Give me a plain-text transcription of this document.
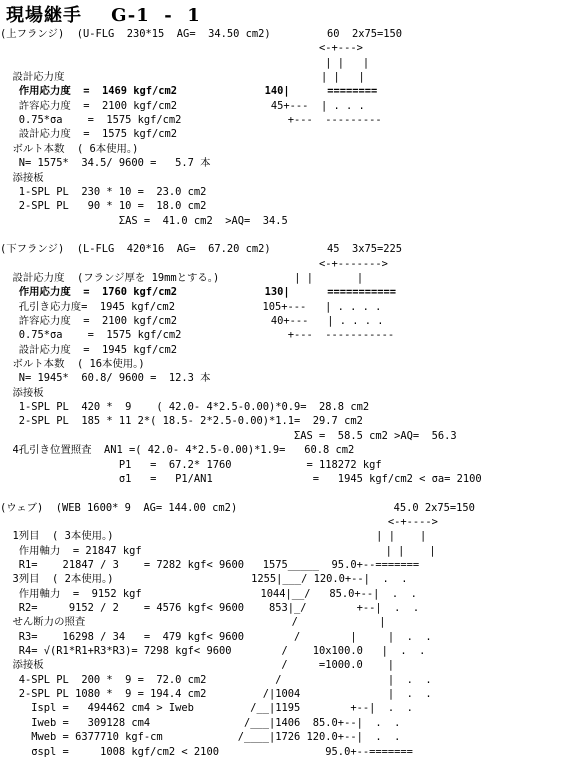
現場継手    G-1  -  1
(上フランジ)  (U-FLG  230*15  AG=  34.50 cm2)         60  2x75=150
<-+--->
| |   |
設計応力度                                         | |   |
作用応力度  =  1469 kgf/cm2              140|      ========
許容応力度  =  2100 kgf/cm2               45+---  | . . .
0.75*σa    =  1575 kgf/cm2                 +---  ---------
設計応力度  =  1575 kgf/cm2
ボルト本数  ( 6本使用。)
N= 1575*  34.5/ 9600 =   5.7 本
添接板
1-SPL PL  230 * 10 =  23.0 cm2
2-SPL PL   90 * 10 =  18.0 cm2
ΣAS =  41.0 cm2  >AQ=  34.5
(下フランジ)  (L-FLG  420*16  AG=  67.20 cm2)         45  3x75=225
<-+------->
設計応力度  (フランジ厚を 19mmとする。)            | |       |
作用応力度  =  1760 kgf/cm2              130|      ===========
孔引き応力度=  1945 kgf/cm2              105+---   | . . . .
許容応力度  =  2100 kgf/cm2               40+---   | . . . .
0.75*σa    =  1575 kgf/cm2                 +---  -----------
設計応力度  =  1945 kgf/cm2
ボルト本数  ( 16本使用。)
N= 1945*  60.8/ 9600 =  12.3 本
添接板
1-SPL PL  420 *  9    ( 42.0- 4*2.5-0.00)*0.9=  28.8 cm2
2-SPL PL  185 * 11 2*( 18.5- 2*2.5-0.00)*1.1=  29.7 cm2
ΣAS =  58.5 cm2 >AQ=  56.3
4孔引き位置照査  AN1 =( 42.0- 4*2.5-0.00)*1.9=   60.8 cm2
P1   =  67.2* 1760            = 118272 kgf
σ1   =   P1/AN1                =   1945 kgf/cm2 < σa= 2100
(ウェブ)  (WEB 1600* 9  AG= 144.00 cm2)                         45.0 2x75=150
<-+---->
1列目  ( 3本使用。)                                          | |    |
作用軸力  = 21847 kgf                                       | |    |
R1=    21847 / 3    = 7282 kgf< 9600   1575_____  95.0+--=======
3列目  ( 2本使用。)                      1255|___/ 120.0+--|  .  .
作用軸力  =  9152 kgf                   1044|__/   85.0+--|  .  .
R2=     9152 / 2    = 4576 kgf< 9600    853|_/        +--|  .  .
せん断力の照査                                 /             |
R3=    16298 / 34   =  479 kgf< 9600        /        |     |  .  .
R4= √(R1*R1+R3*R3)= 7298 kgf< 9600        /    10x100.0   |  .  .
添接板                                      /     =1000.0    |
4-SPL PL  200 *  9 =  72.0 cm2           /                 |  .  .
2-SPL PL 1080 *  9 = 194.4 cm2         /|1004              |  .  .
Ispl =   494462 cm4 > Iweb         /__|1195        +--|  .  .
Iweb =   309128 cm4               /___|1406  85.0+--|  .  .
Mweb = 6377710 kgf-cm            /____|1726 120.0+--|  .  .
σspl =     1008 kgf/cm2 < 2100                 95.0+--=======
